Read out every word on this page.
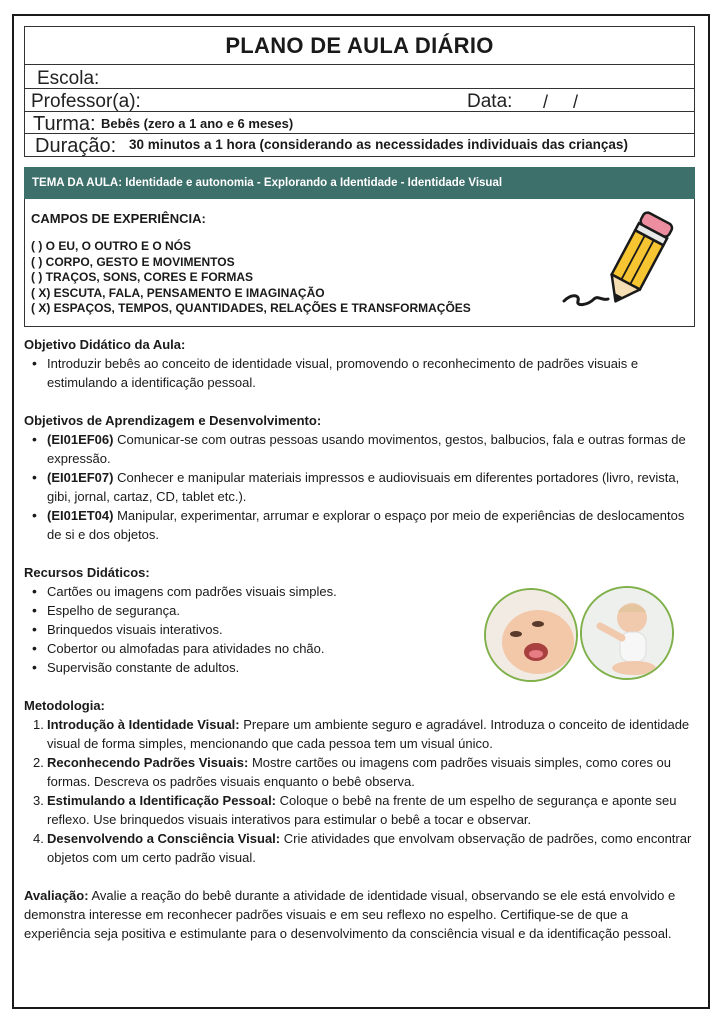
PLANO DE AULA DIÁRIO
Escola:
Professor(a):	Data: / /
Turma: Bebês (zero a 1 ano e 6 meses)
Duração: 30 minutos a 1 hora (considerando as necessidades individuais das crianças)
TEMA DA AULA: Identidade e autonomia - Explorando a Identidade - Identidade Visual
CAMPOS DE EXPERIÊNCIA:
( ) O EU, O OUTRO E O NÓS
( ) CORPO, GESTO E MOVIMENTOS
( ) TRAÇOS, SONS, CORES E FORMAS
( X) ESCUTA, FALA, PENSAMENTO E IMAGINAÇÃO
( X) ESPAÇOS, TEMPOS, QUANTIDADES, RELAÇÕES E TRANSFORMAÇÕES
Objetivo Didático da Aula:
• Introduzir bebês ao conceito de identidade visual, promovendo o reconhecimento de padrões visuais e estimulando a identificação pessoal.
Objetivos de Aprendizagem e Desenvolvimento:
• (EI01EF06) Comunicar-se com outras pessoas usando movimentos, gestos, balbucios, fala e outras formas de expressão.
• (EI01EF07) Conhecer e manipular materiais impressos e audiovisuais em diferentes portadores (livro, revista, gibi, jornal, cartaz, CD, tablet etc.).
• (EI01ET04) Manipular, experimentar, arrumar e explorar o espaço por meio de experiências de deslocamentos de si e dos objetos.
Recursos Didáticos:
• Cartões ou imagens com padrões visuais simples.
• Espelho de segurança.
• Brinquedos visuais interativos.
• Cobertor ou almofadas para atividades no chão.
• Supervisão constante de adultos.
Metodologia:
1. Introdução à Identidade Visual: Prepare um ambiente seguro e agradável. Introduza o conceito de identidade visual de forma simples, mencionando que cada pessoa tem um visual único.
2. Reconhecendo Padrões Visuais: Mostre cartões ou imagens com padrões visuais simples, como cores ou formas. Descreva os padrões visuais enquanto o bebê observa.
3. Estimulando a Identificação Pessoal: Coloque o bebê na frente de um espelho de segurança e aponte seu reflexo. Use brinquedos visuais interativos para estimular o bebê a tocar e observar.
4. Desenvolvendo a Consciência Visual: Crie atividades que envolvam observação de padrões, como encontrar objetos com um certo padrão visual.
Avaliação: Avalie a reação do bebê durante a atividade de identidade visual, observando se ele está envolvido e demonstra interesse em reconhecer padrões visuais e em seu reflexo no espelho. Certifique-se de que a experiência seja positiva e estimulante para o desenvolvimento da consciência visual e da identificação pessoal.
